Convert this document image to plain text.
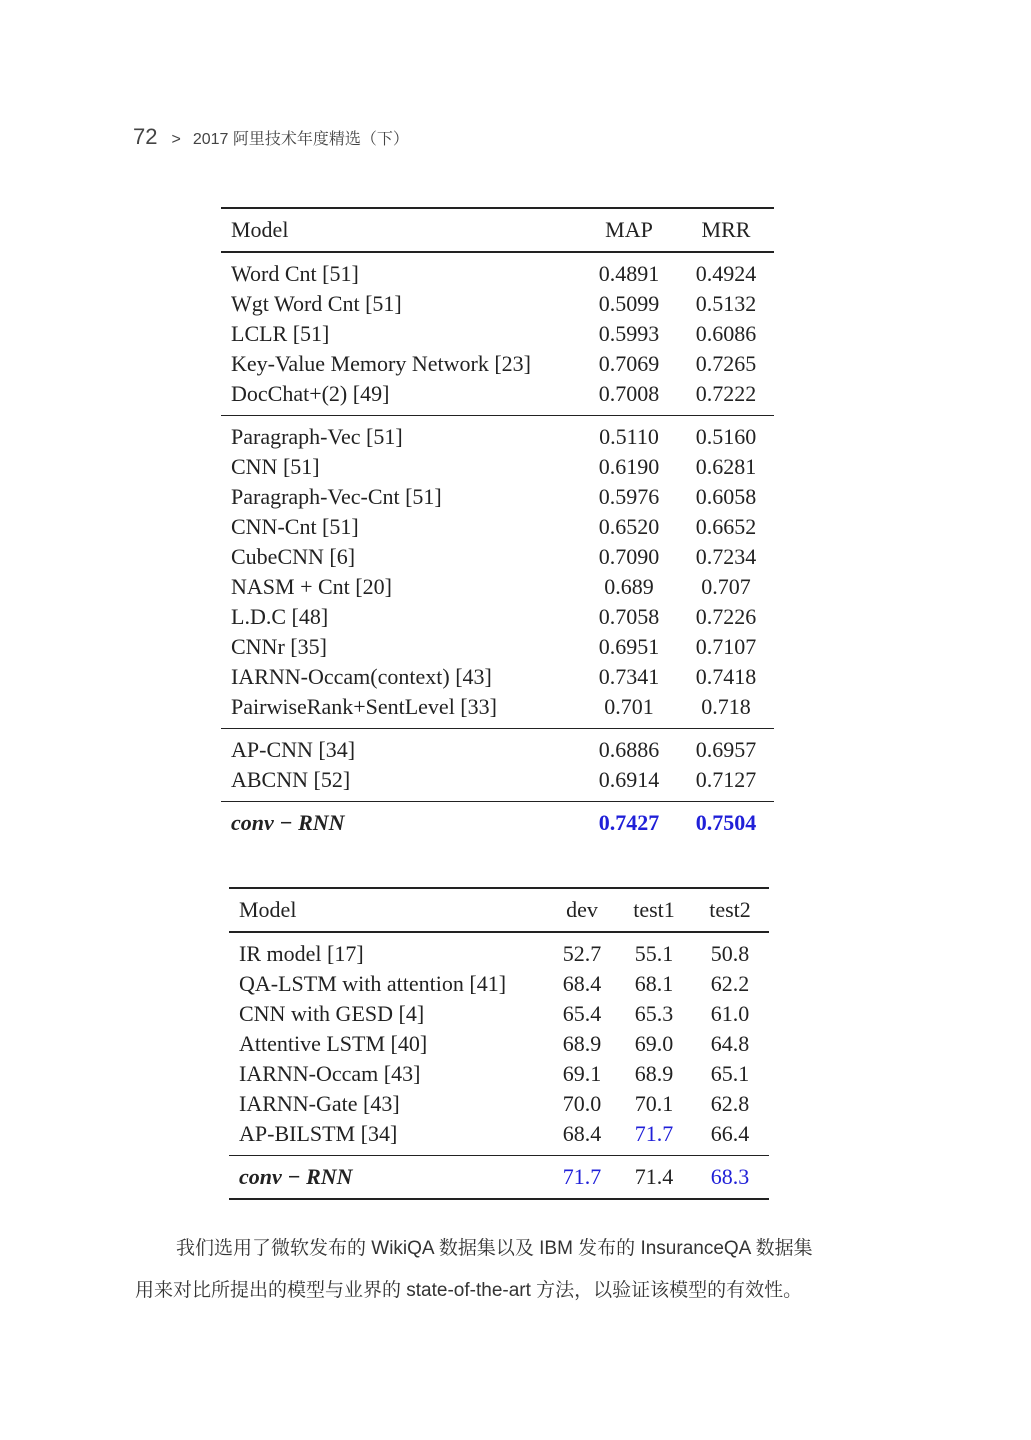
72 > 2017 阿里技术年度精选（下）
Model	MAP	MRR
Word Cnt [51]	0.4891	0.4924
Wgt Word Cnt [51]	0.5099	0.5132
LCLR [51]	0.5993	0.6086
Key-Value Memory Network [23]	0.7069	0.7265
DocChat+(2) [49]	0.7008	0.7222
Paragraph-Vec [51]	0.5110	0.5160
CNN [51]	0.6190	0.6281
Paragraph-Vec-Cnt [51]	0.5976	0.6058
CNN-Cnt [51]	0.6520	0.6652
CubeCNN [6]	0.7090	0.7234
NASM + Cnt [20]	0.689	0.707
L.D.C [48]	0.7058	0.7226
CNNr [35]	0.6951	0.7107
IARNN-Occam(context) [43]	0.7341	0.7418
PairwiseRank+SentLevel [33]	0.701	0.718
AP-CNN [34]	0.6886	0.6957
ABCNN [52]	0.6914	0.7127
conv − RNN	0.7427	0.7504
Model	dev	test1	test2
IR model [17]	52.7	55.1	50.8
QA-LSTM with attention [41]	68.4	68.1	62.2
CNN with GESD [4]	65.4	65.3	61.0
Attentive LSTM [40]	68.9	69.0	64.8
IARNN-Occam [43]	69.1	68.9	65.1
IARNN-Gate [43]	70.0	70.1	62.8
AP-BILSTM [34]	68.4	71.7	66.4
conv − RNN	71.7	71.4	68.3

我们选用了微软发布的 WikiQA 数据集以及 IBM 发布的 InsuranceQA 数据集

用来对比所提出的模型与业界的 state-of-the-art 方法，以验证该模型的有效性。
